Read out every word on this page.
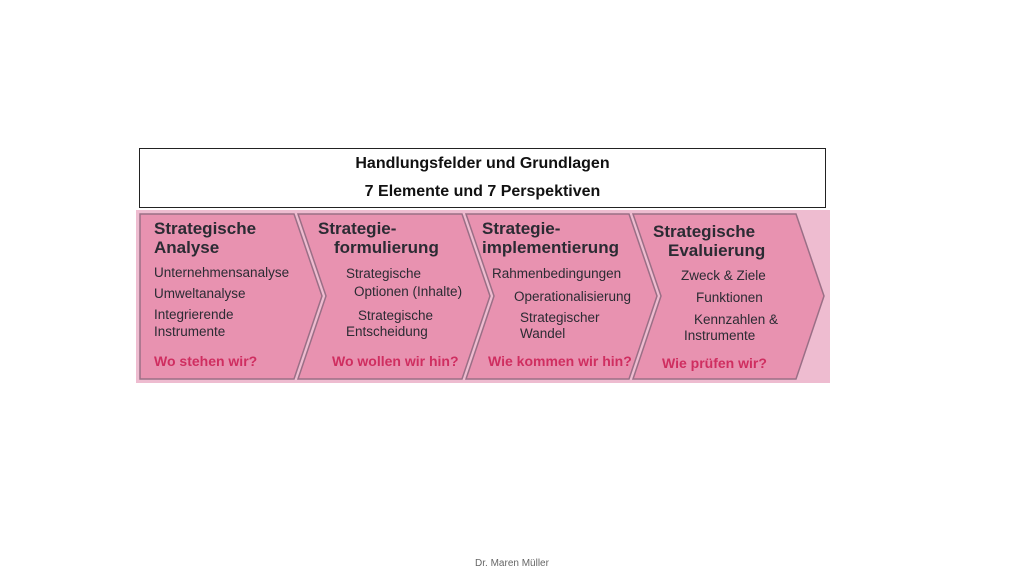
Handlungsfelder und Grundlagen
7 Elemente und 7 Perspektiven
Strategische
Analyse
Unternehmensanalyse
Umweltanalyse
Integrierende
Instrumente
Wo stehen wir?
Strategie-
formulierung
Strategische
Optionen (Inhalte)
Strategische
Entscheidung
Wo wollen wir hin?
Strategie-
implementierung
Rahmenbedingungen
Operationalisierung
Strategischer
Wandel
Wie kommen wir hin?
Strategische
Evaluierung
Zweck & Ziele
Funktionen
Kennzahlen &
Instrumente
Wie prüfen wir?
Dr. Maren Müller
